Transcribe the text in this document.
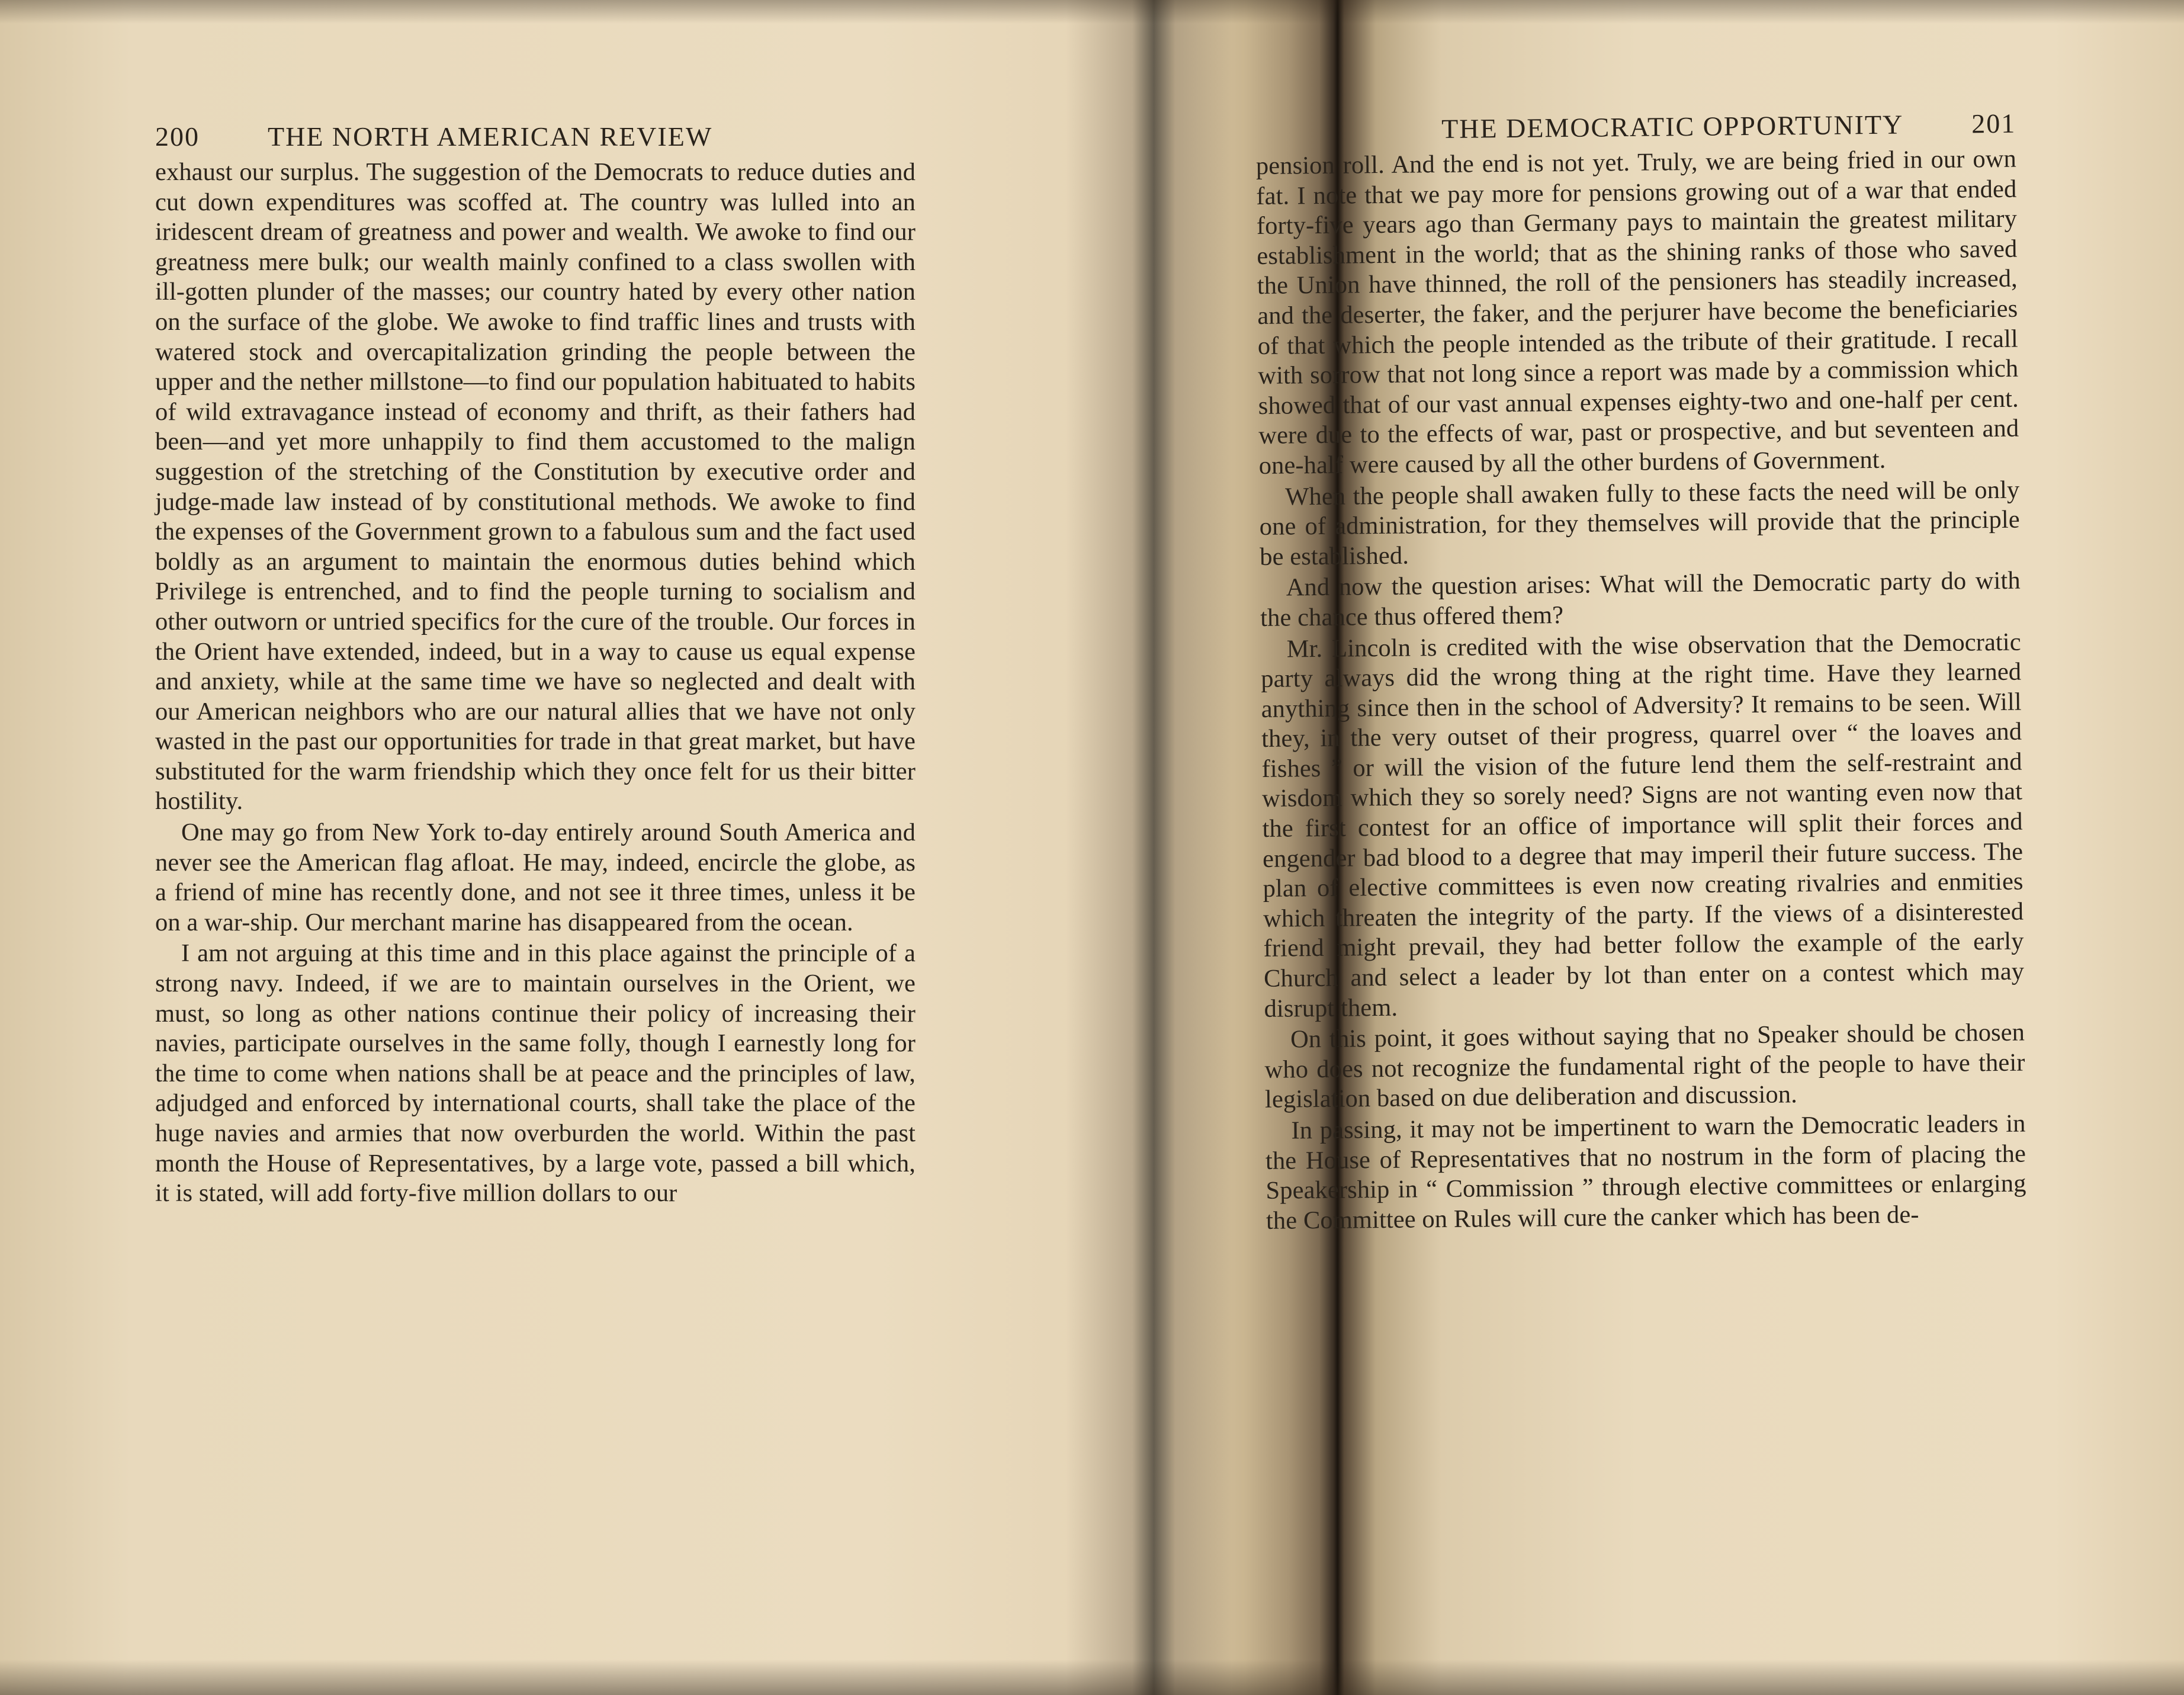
200	THE NORTH AMERICAN REVIEW

exhaust our surplus. The suggestion of the Democrats to reduce duties and cut down expenditures was scoffed at. The country was lulled into an iridescent dream of greatness and power and wealth. We awoke to find our greatness mere bulk; our wealth mainly confined to a class swollen with ill-gotten plunder of the masses; our country hated by every other nation on the surface of the globe. We awoke to find traffic lines and trusts with watered stock and overcapitalization grinding the people between the upper and the nether millstone—to find our population habituated to habits of wild extravagance instead of economy and thrift, as their fathers had been—and yet more unhappily to find them accustomed to the malign suggestion of the stretching of the Constitution by executive order and judge-made law instead of by constitutional methods. We awoke to find the expenses of the Government grown to a fabulous sum and the fact used boldly as an argument to maintain the enormous duties behind which Privilege is entrenched, and to find the people turning to socialism and other outworn or untried specifics for the cure of the trouble. Our forces in the Orient have extended, indeed, but in a way to cause us equal expense and anxiety, while at the same time we have so neglected and dealt with our American neighbors who are our natural allies that we have not only wasted in the past our opportunities for trade in that great market, but have substituted for the warm friendship which they once felt for us their bitter hostility.

One may go from New York to-day entirely around South America and never see the American flag afloat. He may, indeed, encircle the globe, as a friend of mine has recently done, and not see it three times, unless it be on a war-ship. Our merchant marine has disappeared from the ocean.

I am not arguing at this time and in this place against the principle of a strong navy. Indeed, if we are to maintain ourselves in the Orient, we must, so long as other nations continue their policy of increasing their navies, participate ourselves in the same folly, though I earnestly long for the time to come when nations shall be at peace and the principles of law, adjudged and enforced by international courts, shall take the place of the huge navies and armies that now overburden the world. Within the past month the House of Representatives, by a large vote, passed a bill which, it is stated, will add forty-five million dollars to our

THE DEMOCRATIC OPPORTUNITY 201

pension roll. And the end is not yet. Truly, we are being fried in our own fat. I note that we pay more for pensions growing out of a war that ended forty-five years ago than Germany pays to maintain the greatest military establishment in the world; that as the shining ranks of those who saved the Union have thinned, the roll of the pensioners has steadily increased, and the deserter, the faker, and the perjurer have become the beneficiaries of that which the people intended as the tribute of their gratitude. I recall with sorrow that not long since a report was made by a commission which showed that of our vast annual expenses eighty-two and one-half per cent. were due to the effects of war, past or prospective, and but seventeen and one-half were caused by all the other burdens of Government.

When the people shall awaken fully to these facts the need will be only one of administration, for they themselves will provide that the principle be established.

And now the question arises: What will the Democratic party do with the chance thus offered them?

Mr. Lincoln is credited with the wise observation that the Democratic party always did the wrong thing at the right time. Have they learned anything since then in the school of Adversity? It remains to be seen. Will they, in the very outset of their progress, quarrel over “ the loaves and fishes ” or will the vision of the future lend them the self-restraint and wisdom which they so sorely need? Signs are not wanting even now that the first contest for an office of importance will split their forces and engender bad blood to a degree that may imperil their future success. The plan of elective committees is even now creating rivalries and enmities which threaten the integrity of the party. If the views of a disinterested friend might prevail, they had better follow the example of the early Church and select a leader by lot than enter on a contest which may disrupt them.

On this point, it goes without saying that no Speaker should be chosen who does not recognize the fundamental right of the people to have their legislation based on due deliberation and discussion.

In passing, it may not be impertinent to warn the Democratic leaders in the House of Representatives that no nostrum in the form of placing the Speakership in “ Commission ” through elective committees or enlarging the Committee on Rules will cure the canker which has been de-
